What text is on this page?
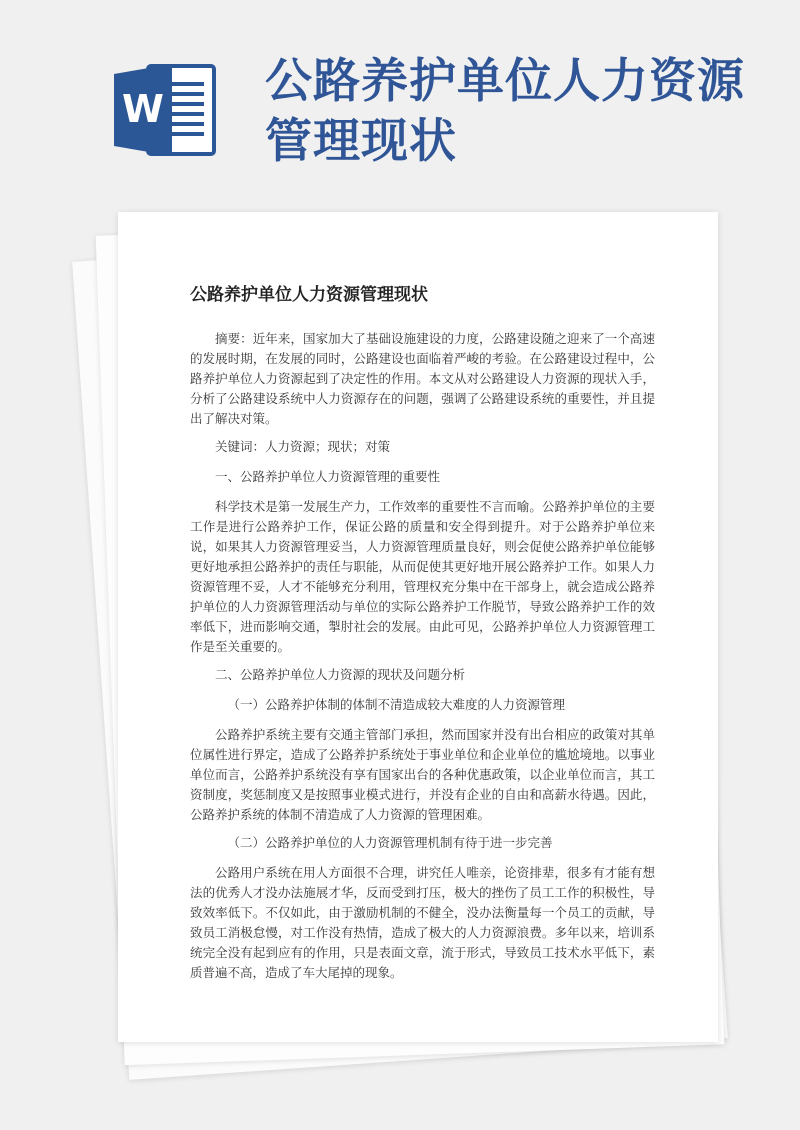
W 公路养护单位人力资源管理现状
公路养护单位人力资源管理现状

摘要：近年来，国家加大了基础设施建设的力度，公路建设随之迎来了一个高速的发展时期，在发展的同时，公路建设也面临着严峻的考验。在公路建设过程中，公路养护单位人力资源起到了决定性的作用。本文从对公路建设人力资源的现状入手，分析了公路建设系统中人力资源存在的问题，强调了公路建设系统的重要性，并且提出了解决对策。

关键词：人力资源；现状；对策

一、公路养护单位人力资源管理的重要性

科学技术是第一发展生产力，工作效率的重要性不言而喻。公路养护单位的主要工作是进行公路养护工作，保证公路的质量和安全得到提升。对于公路养护单位来说，如果其人力资源管理妥当，人力资源管理质量良好，则会促使公路养护单位能够更好地承担公路养护的责任与职能，从而促使其更好地开展公路养护工作。如果人力资源管理不妥，人才不能够充分利用，管理权充分集中在干部身上，就会造成公路养护单位的人力资源管理活动与单位的实际公路养护工作脱节，导致公路养护工作的效率低下，进而影响交通，掣肘社会的发展。由此可见，公路养护单位人力资源管理工作是至关重要的。

二、公路养护单位人力资源的现状及问题分析

（一）公路养护体制的体制不清造成较大难度的人力资源管理

公路养护系统主要有交通主管部门承担，然而国家并没有出台相应的政策对其单位属性进行界定，造成了公路养护系统处于事业单位和企业单位的尴尬境地。以事业单位而言，公路养护系统没有享有国家出台的各种优惠政策，以企业单位而言，其工资制度，奖惩制度又是按照事业模式进行，并没有企业的自由和高薪水待遇。因此，公路养护系统的体制不清造成了人力资源的管理困难。

（二）公路养护单位的人力资源管理机制有待于进一步完善

公路用户系统在用人方面很不合理，讲究任人唯亲，论资排辈，很多有才能有想法的优秀人才没办法施展才华，反而受到打压，极大的挫伤了员工工作的积极性，导致效率低下。不仅如此，由于激励机制的不健全，没办法衡量每一个员工的贡献，导致员工消极怠慢，对工作没有热情，造成了极大的人力资源浪费。多年以来，培训系统完全没有起到应有的作用，只是表面文章，流于形式，导致员工技术水平低下，素质普遍不高，造成了车大尾掉的现象。
